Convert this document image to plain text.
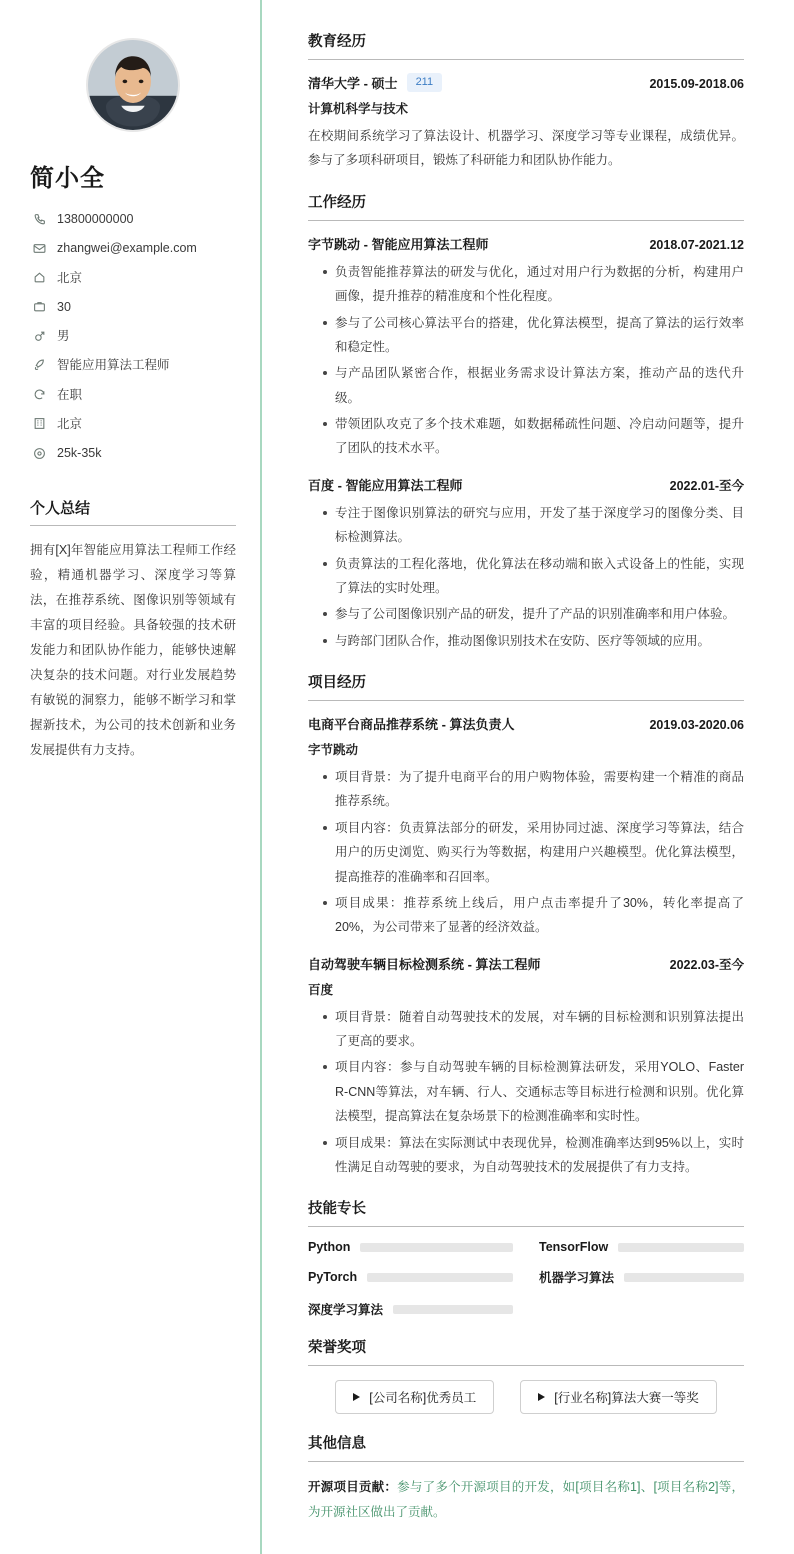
简小全
13800000000
zhangwei@example.com
北京
30
男
智能应用算法工程师
在职
北京
25k-35k
个人总结
拥有[X]年智能应用算法工程师工作经验，精通机器学习、深度学习等算法，在推荐系统、图像识别等领域有丰富的项目经验。具备较强的技术研发能力和团队协作能力，能够快速解决复杂的技术问题。对行业发展趋势有敏锐的洞察力，能够不断学习和掌握新技术，为公司的技术创新和业务发展提供有力支持。
教育经历
清华大学 - 硕士	211	2015.09-2018.06
计算机科学与技术
在校期间系统学习了算法设计、机器学习、深度学习等专业课程，成绩优异。参与了多项科研项目，锻炼了科研能力和团队协作能力。
工作经历
字节跳动 - 智能应用算法工程师	2018.07-2021.12
负责智能推荐算法的研发与优化，通过对用户行为数据的分析，构建用户画像，提升推荐的精准度和个性化程度。
参与了公司核心算法平台的搭建，优化算法模型，提高了算法的运行效率和稳定性。
与产品团队紧密合作，根据业务需求设计算法方案，推动产品的迭代升级。
带领团队攻克了多个技术难题，如数据稀疏性问题、冷启动问题等，提升了团队的技术水平。
百度 - 智能应用算法工程师	2022.01-至今
专注于图像识别算法的研究与应用，开发了基于深度学习的图像分类、目标检测算法。
负责算法的工程化落地，优化算法在移动端和嵌入式设备上的性能，实现了算法的实时处理。
参与了公司图像识别产品的研发，提升了产品的识别准确率和用户体验。
与跨部门团队合作，推动图像识别技术在安防、医疗等领域的应用。
项目经历
电商平台商品推荐系统 - 算法负责人	2019.03-2020.06
字节跳动
项目背景：为了提升电商平台的用户购物体验，需要构建一个精准的商品推荐系统。
项目内容：负责算法部分的研发，采用协同过滤、深度学习等算法，结合用户的历史浏览、购买行为等数据，构建用户兴趣模型。优化算法模型，提高推荐的准确率和召回率。
项目成果：推荐系统上线后，用户点击率提升了30%，转化率提高了20%，为公司带来了显著的经济效益。
自动驾驶车辆目标检测系统 - 算法工程师	2022.03-至今
百度
项目背景：随着自动驾驶技术的发展，对车辆的目标检测和识别算法提出了更高的要求。
项目内容：参与自动驾驶车辆的目标检测算法研发，采用YOLO、Faster R-CNN等算法，对车辆、行人、交通标志等目标进行检测和识别。优化算法模型，提高算法在复杂场景下的检测准确率和实时性。
项目成果：算法在实际测试中表现优异，检测准确率达到95%以上，实时性满足自动驾驶的要求，为自动驾驶技术的发展提供了有力支持。
技能专长
Python	TensorFlow
PyTorch	机器学习算法
深度学习算法
荣誉奖项
[公司名称]优秀员工	[行业名称]算法大赛一等奖
其他信息
开源项目贡献：参与了多个开源项目的开发，如[项目名称1]、[项目名称2]等，为开源社区做出了贡献。
